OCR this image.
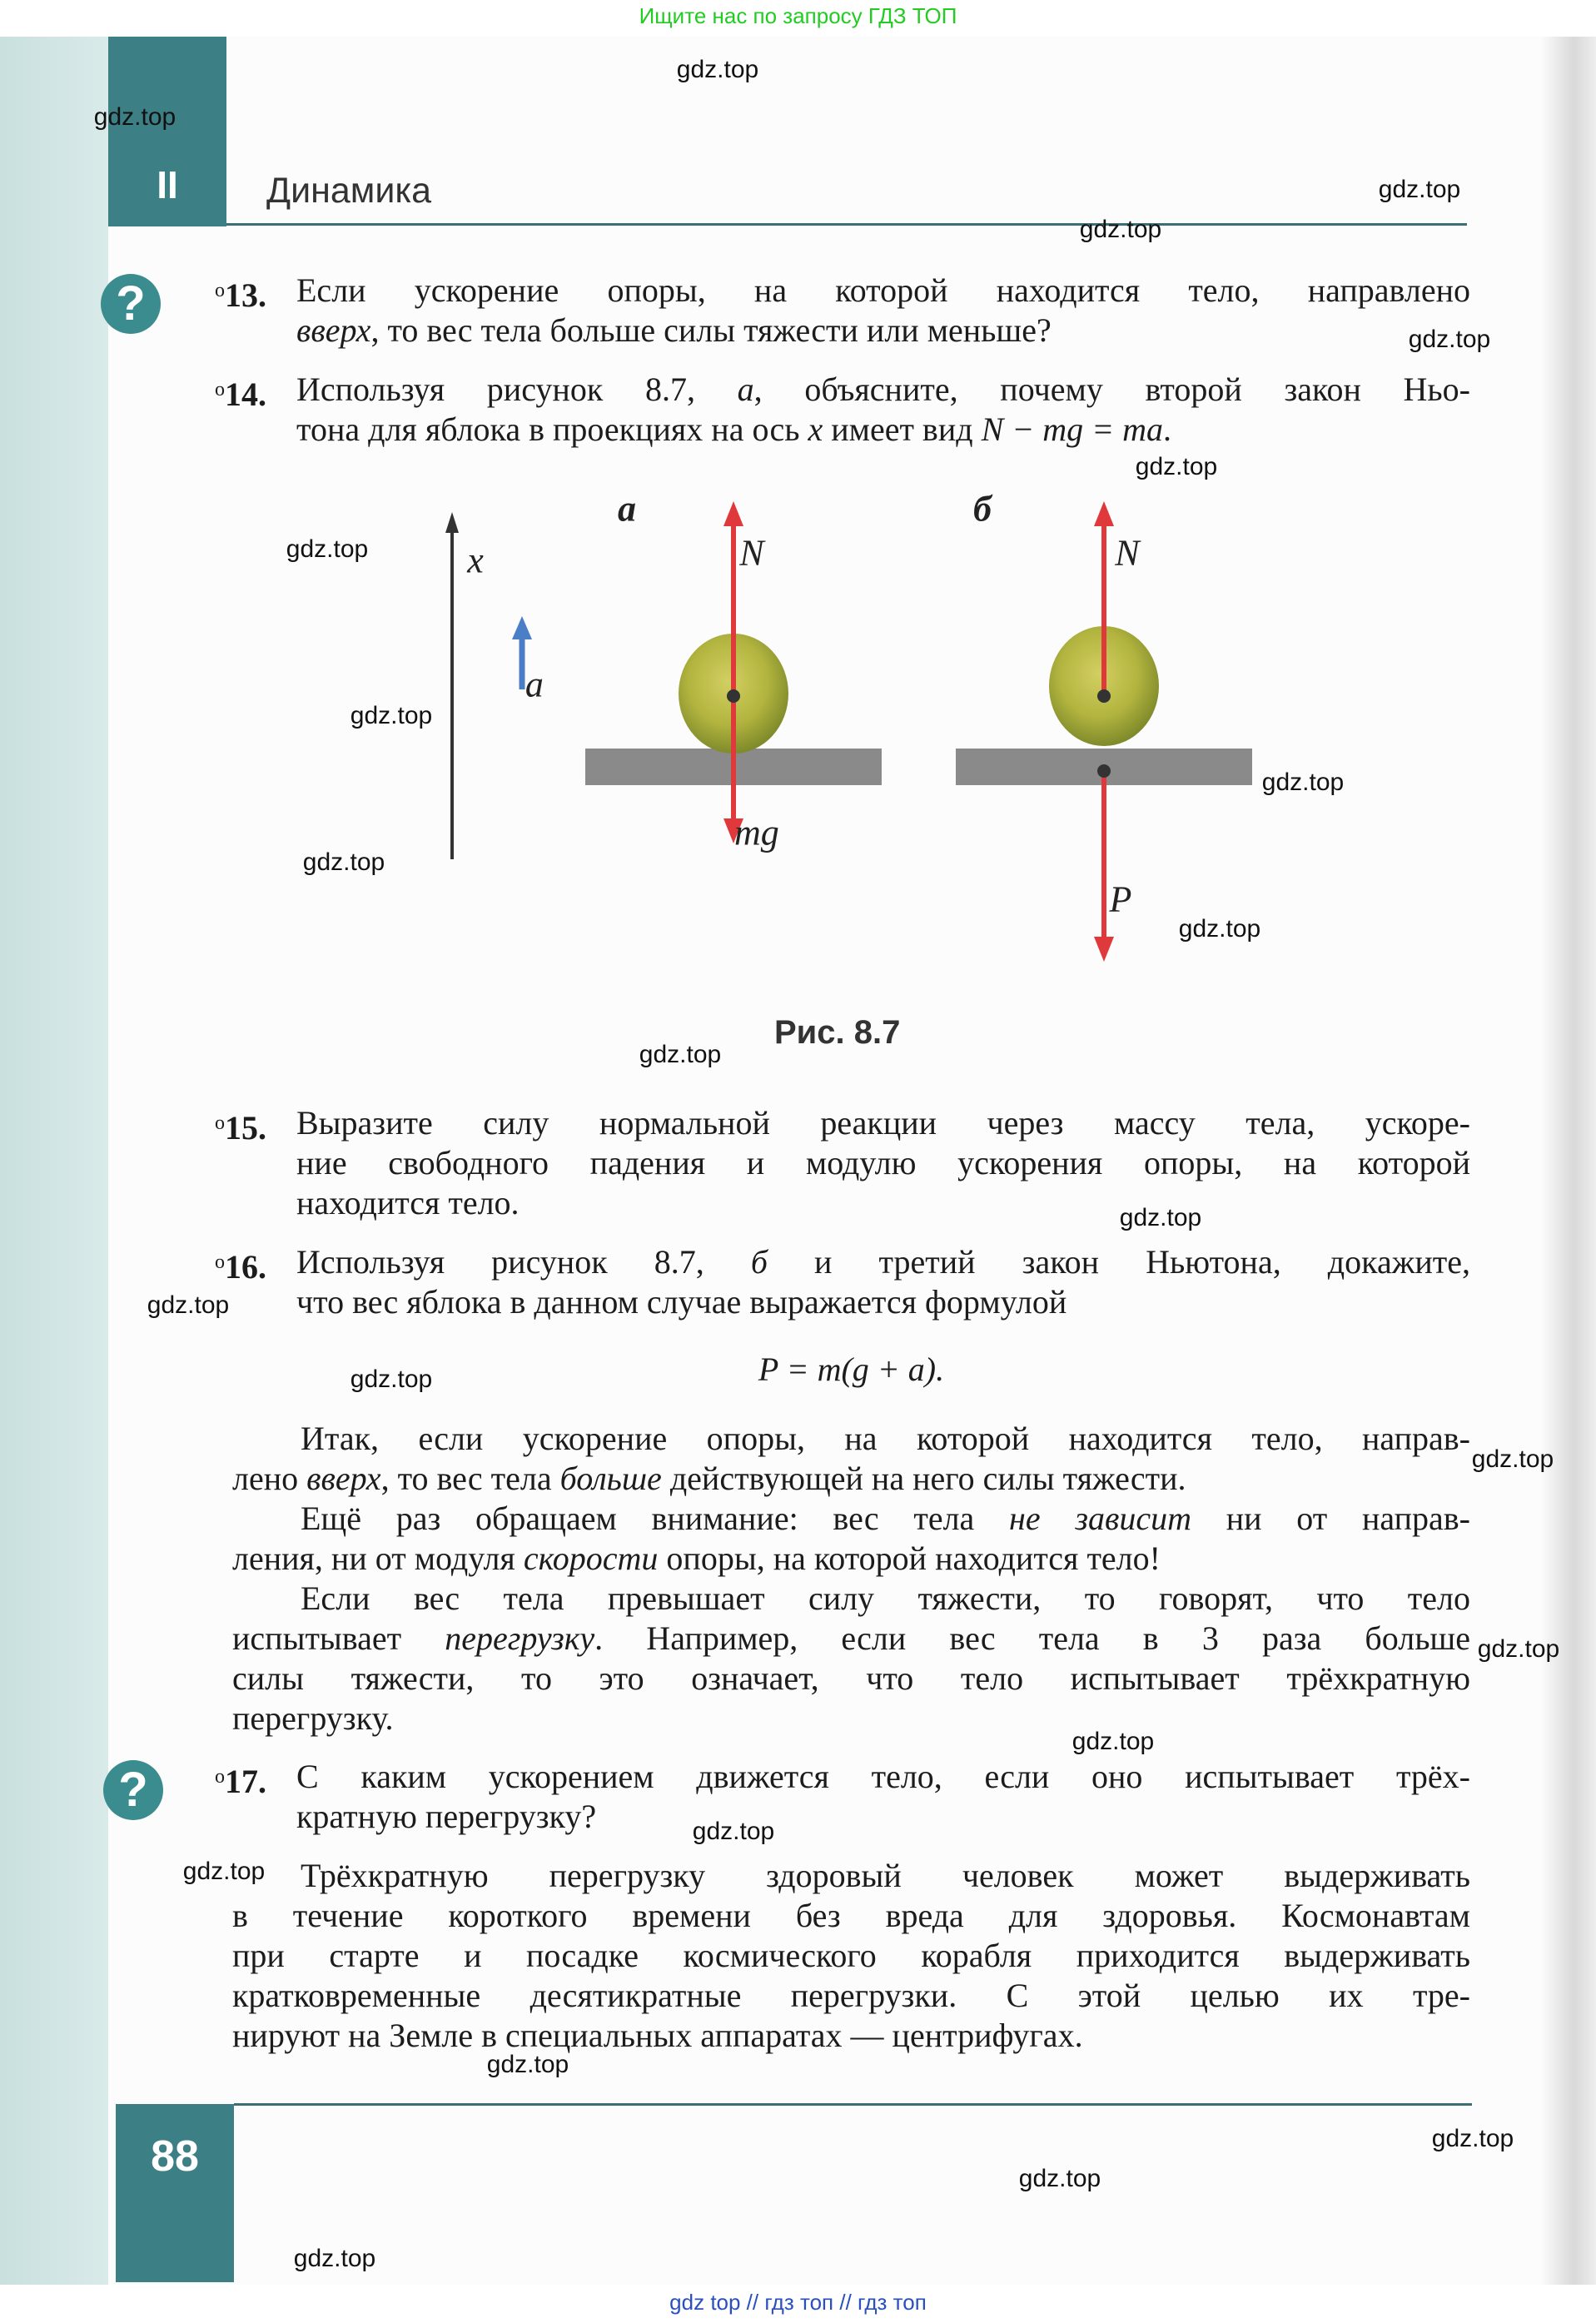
Ищите нас по запросу ГДЗ ТОП
II	Динамика
?
?
$^o$13. Если ускорение опоры, на которой находится тело, направлено
вверх, то вес тела больше силы тяжести или меньше?
$^o$14. Используя рисунок 8.7, а, объясните, почему второй закон Ньо-
тона для яблока в проекциях на ось x имеет вид N − mg = ma.
$^o$15. Выразите силу нормальной реакции через массу тела, ускоре-
ние свободного падения и модулю ускорения опоры, на которой
находится тело.
$^o$16. Используя рисунок 8.7, б и третий закон Ньютона, докажите,
что вес яблока в данном случае выражается формулой
P = m(g + a).
Итак, если ускорение опоры, на которой находится тело, направ-
лено вверх, то вес тела больше действующей на него силы тяжести.
Ещё раз обращаем внимание: вес тела не зависит ни от направ-
ления, ни от модуля скорости опоры, на которой находится тело!
Если вес тела превышает силу тяжести, то говорят, что тело
испытывает перегрузку. Например, если вес тела в 3 раза больше
силы тяжести, то это означает, что тело испытывает трёхкратную
перегрузку.
$^o$17. С каким ускорением движется тело, если оно испытывает трёх-
кратную перегрузку?
Трёхкратную перегрузку здоровый человек может выдерживать
в течение короткого времени без вреда для здоровья. Космонавтам
при старте и посадке космического корабля приходится выдерживать
кратковременные десятикратные перегрузки. С этой целью их тре-
нируют на Земле в специальных аппаратах — центрифугах.
а	б
x
a⃗
N⃗	N⃗
mg⃗
P⃗
Рис. 8.7
88
gdz top // гдз топ // гдз топ
gdz.top
gdz.top
gdz.top
gdz.top
gdz.top
gdz.top
gdz.top
gdz.top
gdz.top
gdz.top
gdz.top
gdz.top
gdz.top
gdz.top
gdz.top
gdz.top
gdz.top
gdz.top
gdz.top
gdz.top
gdz.top
gdz.top
gdz.top
gdz.top
